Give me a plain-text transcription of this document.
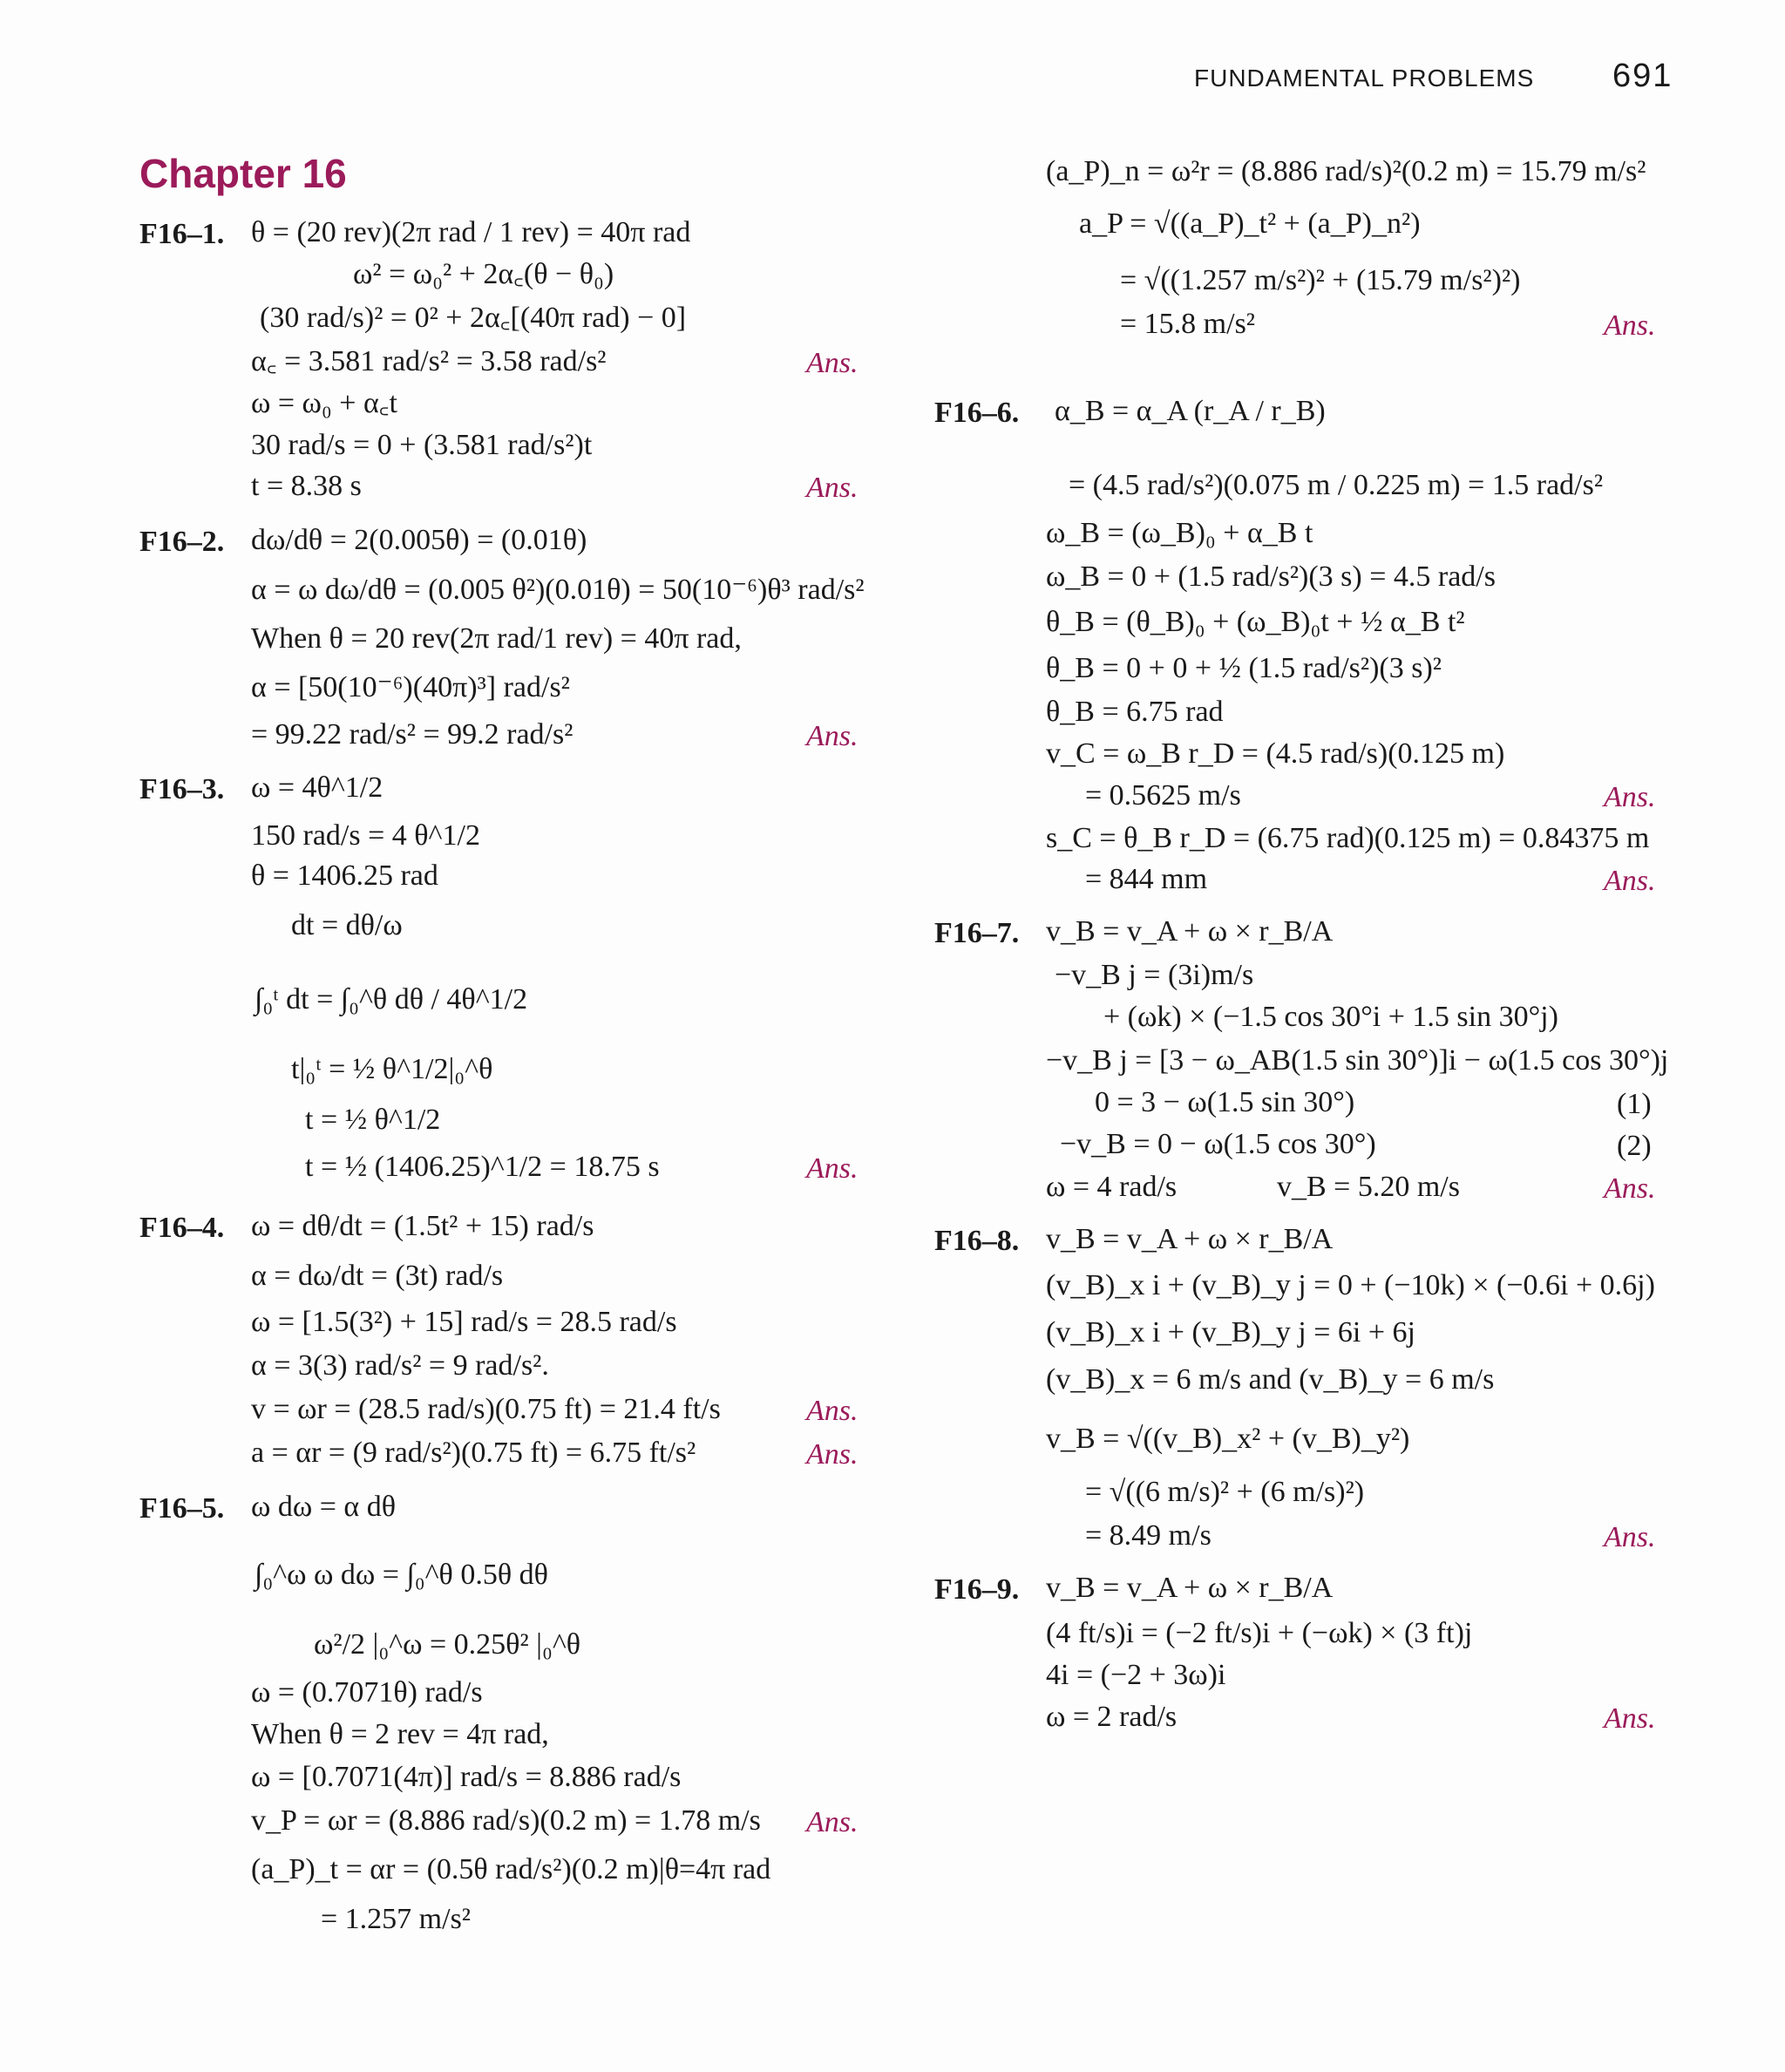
FUNDAMENTAL PROBLEMS 691
Chapter 16
F16–1. θ = (20 rev)(2π rad / 1 rev) = 40π rad
ω² = ω₀² + 2α꜀(θ − θ₀)
(30 rad/s)² = 0² + 2α꜀[(40π rad) − 0]
α꜀ = 3.581 rad/s² = 3.58 rad/s²	Ans.
ω = ω₀ + α꜀t
30 rad/s = 0 + (3.581 rad/s²)t
t = 8.38 s	Ans.
F16–2. dω/dθ = 2(0.005θ) = (0.01θ)
α = ω dω/dθ = (0.005 θ²)(0.01θ) = 50(10⁻⁶)θ³ rad/s²
When θ = 20 rev(2π rad/1 rev) = 40π rad,
α = [50(10⁻⁶)(40π)³] rad/s²
= 99.22 rad/s² = 99.2 rad/s²	Ans.
F16–3. ω = 4θ^1/2
150 rad/s = 4 θ^1/2
θ = 1406.25 rad
dt = dθ/ω
∫₀ᵗ dt = ∫₀^θ dθ / 4θ^1/2
t|₀ᵗ = ½ θ^1/2|₀^θ
t = ½ θ^1/2
t = ½ (1406.25)^1/2 = 18.75 s	Ans.
F16–4. ω = dθ/dt = (1.5t² + 15) rad/s
α = dω/dt = (3t) rad/s
ω = [1.5(3²) + 15] rad/s = 28.5 rad/s
α = 3(3) rad/s² = 9 rad/s².
v = ωr = (28.5 rad/s)(0.75 ft) = 21.4 ft/s	Ans.
a = αr = (9 rad/s²)(0.75 ft) = 6.75 ft/s²	Ans.
F16–5. ω dω = α dθ
∫₀^ω ω dω = ∫₀^θ 0.5θ dθ
ω²/2 |₀^ω = 0.25θ² |₀^θ
ω = (0.7071θ) rad/s
When θ = 2 rev = 4π rad,
ω = [0.7071(4π)] rad/s = 8.886 rad/s
v_P = ωr = (8.886 rad/s)(0.2 m) = 1.78 m/s Ans.
(a_P)_t = αr = (0.5θ rad/s²)(0.2 m)|θ=4π rad
= 1.257 m/s²
(a_P)_n = ω²r = (8.886 rad/s)²(0.2 m) = 15.79 m/s²
a_P = √((a_P)_t² + (a_P)_n²)
= √((1.257 m/s²)² + (15.79 m/s²)²)
= 15.8 m/s²	Ans.
F16–6. α_B = α_A (r_A / r_B)
= (4.5 rad/s²)(0.075 m / 0.225 m) = 1.5 rad/s²
ω_B = (ω_B)₀ + α_B t
ω_B = 0 + (1.5 rad/s²)(3 s) = 4.5 rad/s
θ_B = (θ_B)₀ + (ω_B)₀t + ½ α_B t²
θ_B = 0 + 0 + ½ (1.5 rad/s²)(3 s)²
θ_B = 6.75 rad
v_C = ω_B r_D = (4.5 rad/s)(0.125 m)
= 0.5625 m/s	Ans.
s_C = θ_B r_D = (6.75 rad)(0.125 m) = 0.84375 m
= 844 mm	Ans.
F16–7. v_B = v_A + ω × r_B/A
−v_B j = (3i)m/s
+ (ωk) × (−1.5 cos 30°i + 1.5 sin 30°j)
−v_B j = [3 − ω_AB(1.5 sin 30°)]i − ω(1.5 cos 30°)j
0 = 3 − ω(1.5 sin 30°)	(1)
−v_B = 0 − ω(1.5 cos 30°)	(2)
ω = 4 rad/s	v_B = 5.20 m/s	Ans.
F16–8. v_B = v_A + ω × r_B/A
(v_B)_x i + (v_B)_y j = 0 + (−10k) × (−0.6i + 0.6j)
(v_B)_x i + (v_B)_y j = 6i + 6j
(v_B)_x = 6 m/s and (v_B)_y = 6 m/s
v_B = √((v_B)_x² + (v_B)_y²)
= √((6 m/s)² + (6 m/s)²)
= 8.49 m/s	Ans.
F16–9. v_B = v_A + ω × r_B/A
(4 ft/s)i = (−2 ft/s)i + (−ωk) × (3 ft)j
4i = (−2 + 3ω)i
ω = 2 rad/s	Ans.
